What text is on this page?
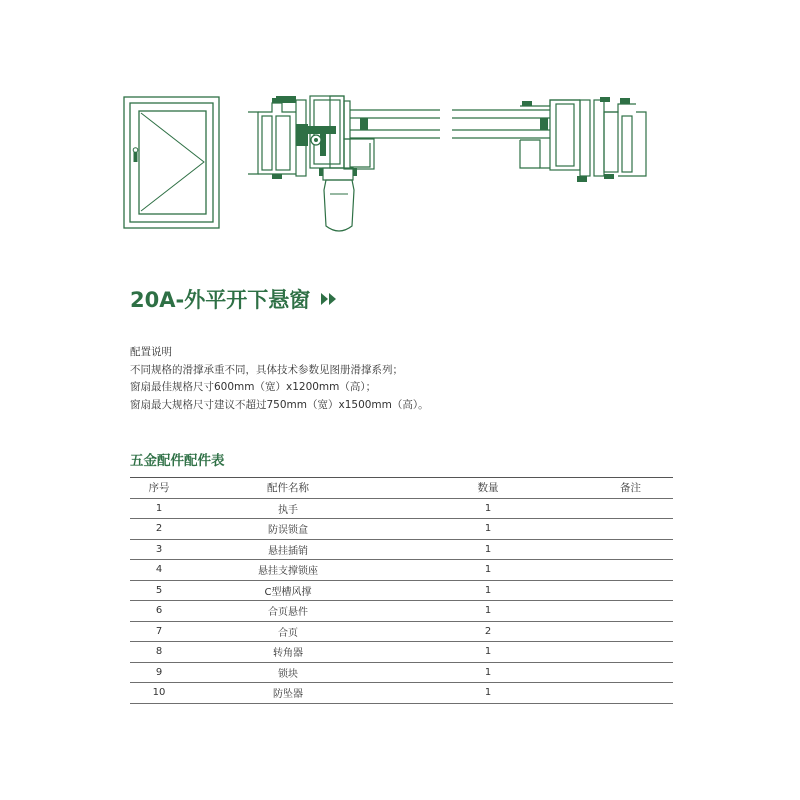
20A-外平开下悬窗
配置说明
不同规格的滑撑承重不同，具体技术参数见图册滑撑系列；
窗扇最佳规格尺寸600mm（宽）x1200mm（高）；
窗扇最大规格尺寸建议不超过750mm（宽）x1500mm（高）。
五金配件配件表
序号	配件名称	数量	备注
1	执手	1	
2	防误锁盒	1	
3	悬挂插销	1	
4	悬挂支撑锁座	1	
5	C型槽风撑	1	
6	合页悬件	1	
7	合页	2	
8	转角器	1	
9	锁块	1	
10	防坠器	1	
